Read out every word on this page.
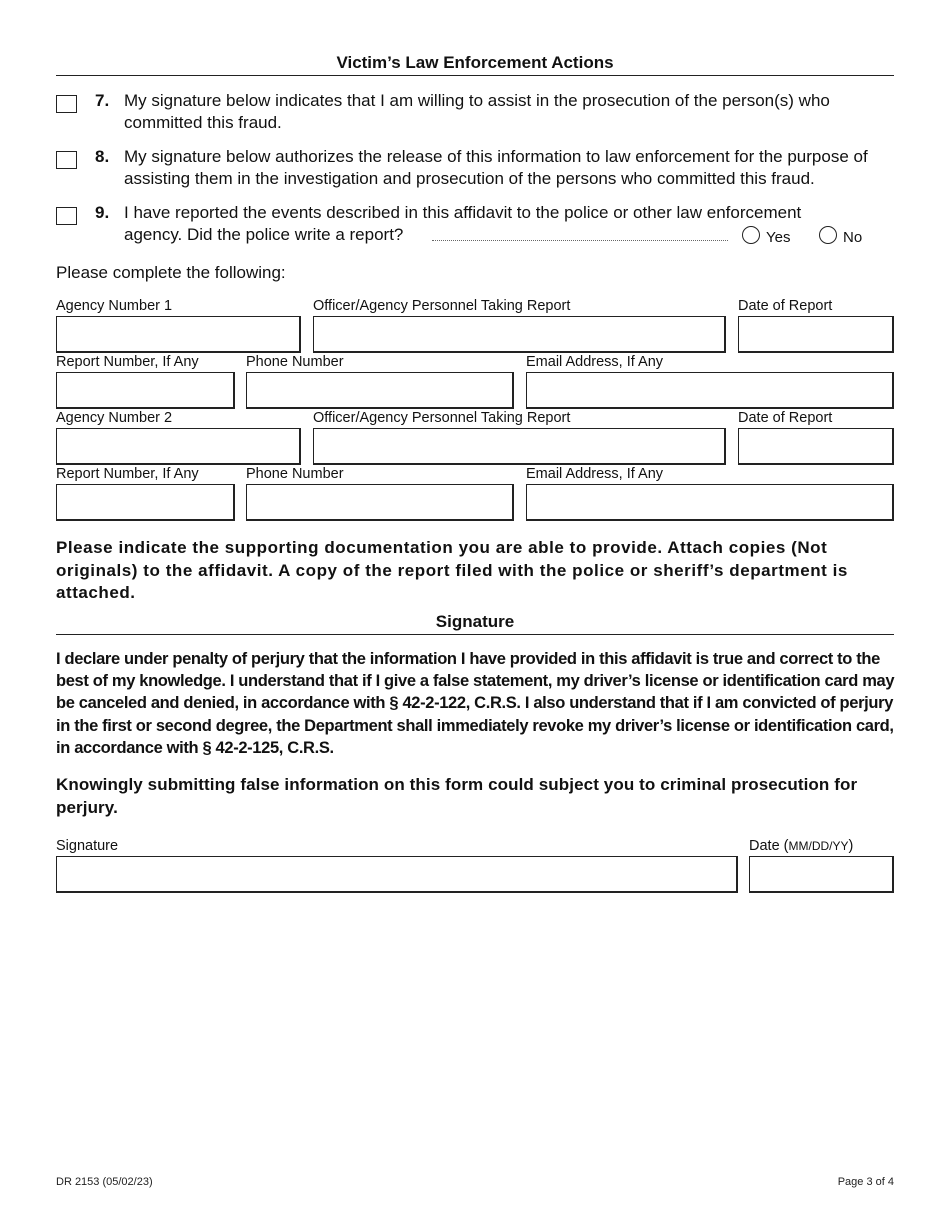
Victim’s Law Enforcement Actions
7. My signature below indicates that I am willing to assist in the prosecution of the person(s) who committed this fraud.
8. My signature below authorizes the release of this information to law enforcement for the purpose of assisting them in the investigation and prosecution of the persons who committed this fraud.
9. I have reported the events described in this affidavit to the police or other law enforcement
agency. Did the police write a report?	Yes	No
Please complete the following:
Agency Number 1	Officer/Agency Personnel Taking Report	Date of Report
Report Number, If Any	Phone Number	Email Address, If Any
Agency Number 2	Officer/Agency Personnel Taking Report	Date of Report
Report Number, If Any	Phone Number	Email Address, If Any
Please indicate the supporting documentation you are able to provide. Attach copies (Not originals) to the affidavit. A copy of the report filed with the police or sheriff’s department is attached.
Signature
I declare under penalty of perjury that the information I have provided in this affidavit is true and correct to the best of my knowledge. I understand that if I give a false statement, my driver’s license or identification card may be canceled and denied, in accordance with § 42-2-122, C.R.S. I also understand that if I am convicted of perjury in the first or second degree, the Department shall immediately revoke my driver’s license or identification card, in accordance with § 42-2-125, C.R.S.
Knowingly submitting false information on this form could subject you to criminal prosecution for perjury.
Signature	Date (MM/DD/YY)
DR 2153 (05/02/23)	Page 3 of 4
